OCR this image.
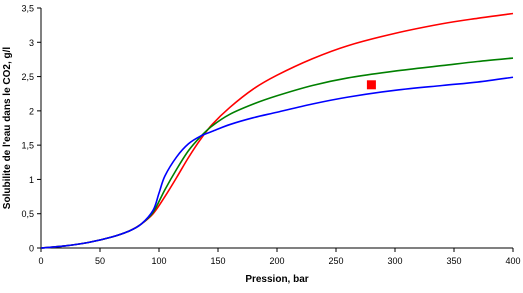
0
0,5
1
1,5
2
2,5
3
3,5
0	50	100	150	200	250	300	350	400
Pression, bar
Solubilite de l'eau dans le CO2, g/l
